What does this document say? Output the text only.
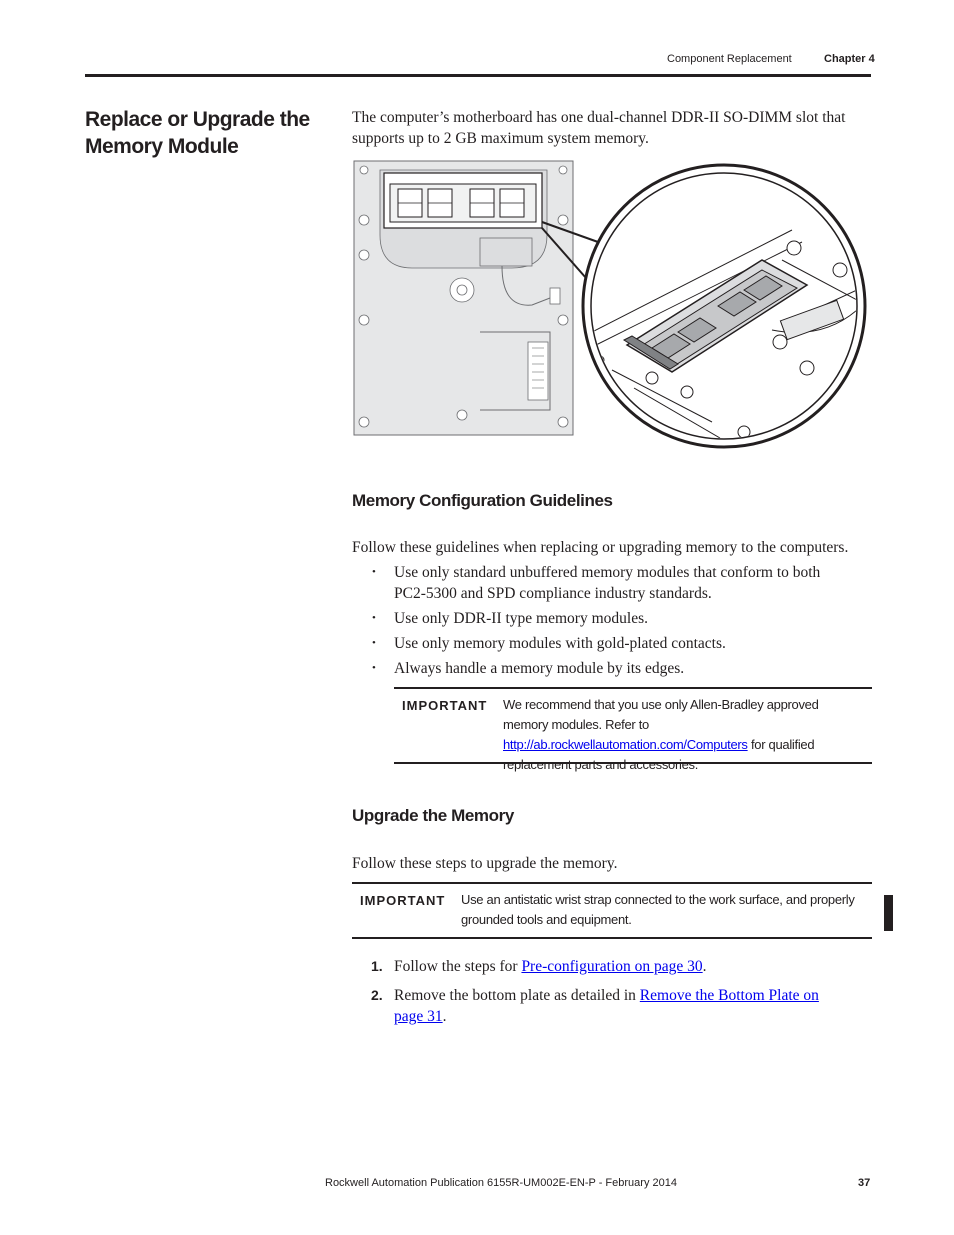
Component Replacement	Chapter 4
Replace or Upgrade the Memory Module

The computer’s motherboard has one dual-channel DDR-II SO-DIMM slot that supports up to 2 GB maximum system memory.

Memory Configuration Guidelines

Follow these guidelines when replacing or upgrading memory to the computers.

• Use only standard unbuffered memory modules that conform to both PC2-5300 and SPD compliance industry standards.
• Use only DDR-II type memory modules.
• Use only memory modules with gold-plated contacts.
• Always handle a memory module by its edges.
IMPORTANT We recommend that you use only Allen-Bradley approved memory modules. Refer to http://ab.rockwellautomation.com/Computers for qualified replacement parts and accessories.
Upgrade the Memory

Follow these steps to upgrade the memory.

IMPORTANT Use an antistatic wrist strap connected to the work surface, and properly grounded tools and equipment.
1. Follow the steps for Pre-configuration on page 30.
2. Remove the bottom plate as detailed in Remove the Bottom Plate on page 31.
Rockwell Automation Publication 6155R-UM002E-EN-P - February 2014	37
